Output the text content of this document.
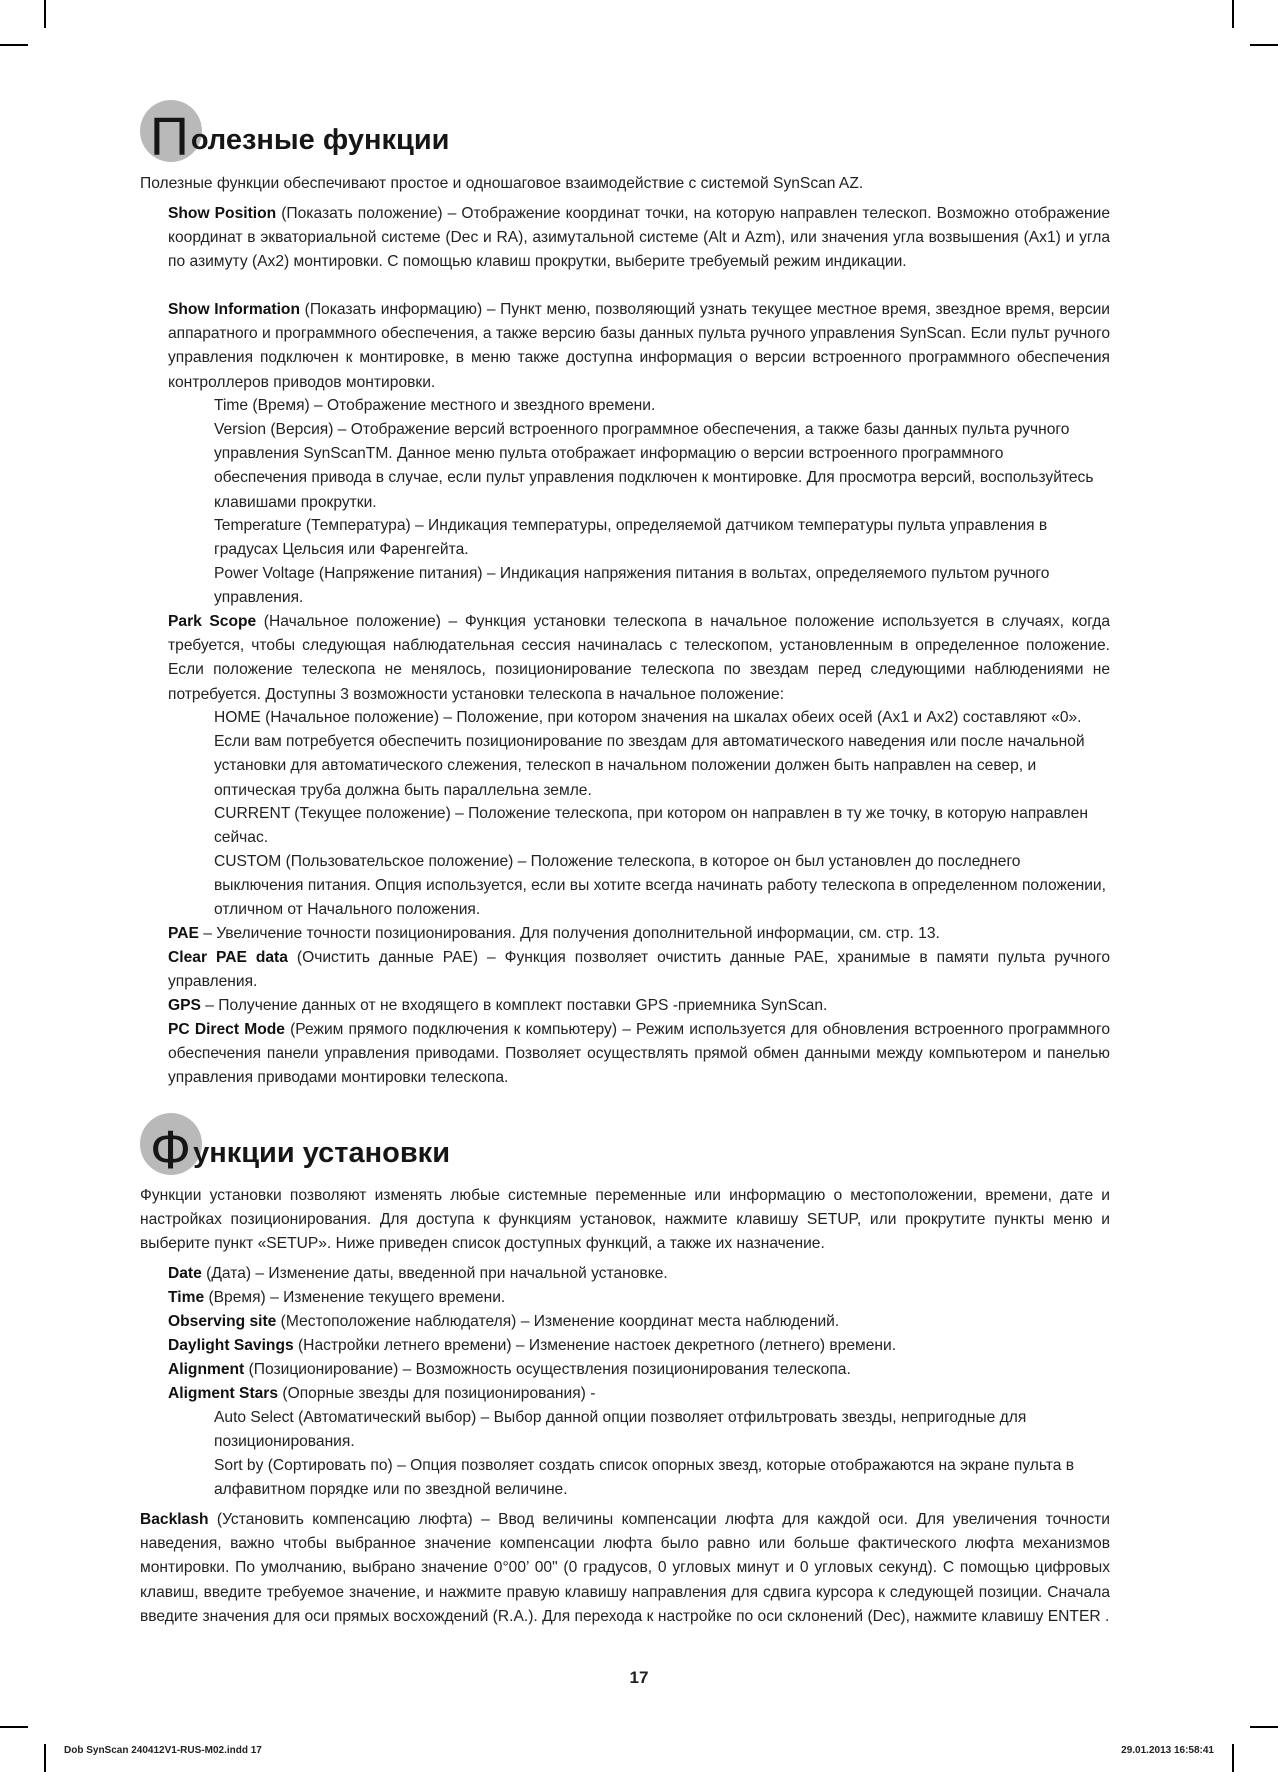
П олезные функции
Полезные функции обеспечивают простое и одношаговое взаимодействие с системой SynScan AZ.
Show Position (Показать положение) – Отображение координат точки, на которую направлен телескоп. Возможно отображение координат в экваториальной системе (Dec и RA), азимутальной системе (Alt и Azm), или значения угла возвышения (Ax1) и угла по азимуту (Ax2) монтировки. С помощью клавиш прокрутки, выберите требуемый режим индикации.
Show Information (Показать информацию) – Пункт меню, позволяющий узнать текущее местное время, звездное время, версии аппаратного и программного обеспечения, а также версию базы данных пульта ручного управления SynScan. Если пульт ручного управления подключен к монтировке, в меню также доступна информация о версии встроенного программного обеспечения контроллеров приводов монтировки.
Time (Время) – Отображение местного и звездного времени.
Version (Версия) – Отображение версий встроенного программное обеспечения, а также базы данных пульта ручного управления SynScanTM. Данное меню пульта отображает информацию о версии встроенного программного обеспечения привода в случае, если пульт управления подключен к монтировке. Для просмотра версий, воспользуйтесь клавишами прокрутки.
Temperature (Температура) – Индикация температуры, определяемой датчиком температуры пульта управления в градусах Цельсия или Фаренгейта.
Power Voltage (Напряжение питания) – Индикация напряжения питания в вольтах, определяемого пультом ручного управления.
Park Scope (Начальное положение) – Функция установки телескопа в начальное положение используется в случаях, когда требуется, чтобы следующая наблюдательная сессия начиналась с телескопом, установленным в определенное положение. Если положение телескопа не менялось, позиционирование телескопа по звездам перед следующими наблюдениями не потребуется. Доступны 3 возможности установки телескопа в начальное положение:
HOME (Начальное положение) – Положение, при котором значения на шкалах обеих осей (Ax1 и Ax2) составляют «0». Если вам потребуется обеспечить позиционирование по звездам для автоматического наведения или после начальной установки для автоматического слежения, телескоп в начальном положении должен быть направлен на север, и оптическая труба должна быть параллельна земле.
CURRENT (Текущее положение) – Положение телескопа, при котором он направлен в ту же точку, в которую направлен сейчас.
CUSTOM (Пользовательское положение) – Положение телескопа, в которое он был установлен до последнего выключения питания. Опция используется, если вы хотите всегда начинать работу телескопа в определенном положении, отличном от Начального положения.
PAE – Увеличение точности позиционирования. Для получения дополнительной информации, см. стр. 13.
Clear PAE data (Очистить данные PAE) – Функция позволяет очистить данные PAE, хранимые в памяти пульта ручного управления.
GPS – Получение данных от не входящего в комплект поставки GPS -приемника SynScan.
PC Direct Mode (Режим прямого подключения к компьютеру) – Режим используется для обновления встроенного программного обеспечения панели управления приводами. Позволяет осуществлять прямой обмен данными между компьютером и панелью управления приводами монтировки телескопа.
Ф ункции установки
Функции установки позволяют изменять любые системные переменные или информацию о местоположении, времени, дате и настройках позиционирования. Для доступа к функциям установок, нажмите клавишу SETUP, или прокрутите пункты меню и выберите пункт «SETUP». Ниже приведен список доступных функций, а также их назначение.
Date (Дата) – Изменение даты, введенной при начальной установке.
Time (Время) – Изменение текущего времени.
Observing site (Местоположение наблюдателя) – Изменение координат места наблюдений.
Daylight Savings (Настройки летнего времени) – Изменение настоек декретного (летнего) времени.
Alignment (Позиционирование) – Возможность осуществления позиционирования телескопа.
Aligment Stars (Опорные звезды для позиционирования) -
Auto Select (Автоматический выбор) – Выбор данной опции позволяет отфильтровать звезды, непригодные для позиционирования.
Sort by (Сортировать по) – Опция позволяет создать список опорных звезд, которые отображаются на экране пульта в алфавитном порядке или по звездной величине.
Backlash (Установить компенсацию люфта) – Ввод величины компенсации люфта для каждой оси. Для увеличения точности наведения, важно чтобы выбранное значение компенсации люфта было равно или больше фактического люфта механизмов монтировки. По умолчанию, выбрано значение 0°00’ 00" (0 градусов, 0 угловых минут и 0 угловых секунд). С помощью цифровых клавиш, введите требуемое значение, и нажмите правую клавишу направления для сдвига курсора к следующей позиции. Сначала введите значения для оси прямых восхождений (R.A.). Для перехода к настройке по оси склонений (Dec), нажмите клавишу ENTER .
17
Dob SynScan 240412V1-RUS-M02.indd 17	29.01.2013 16:58:41
